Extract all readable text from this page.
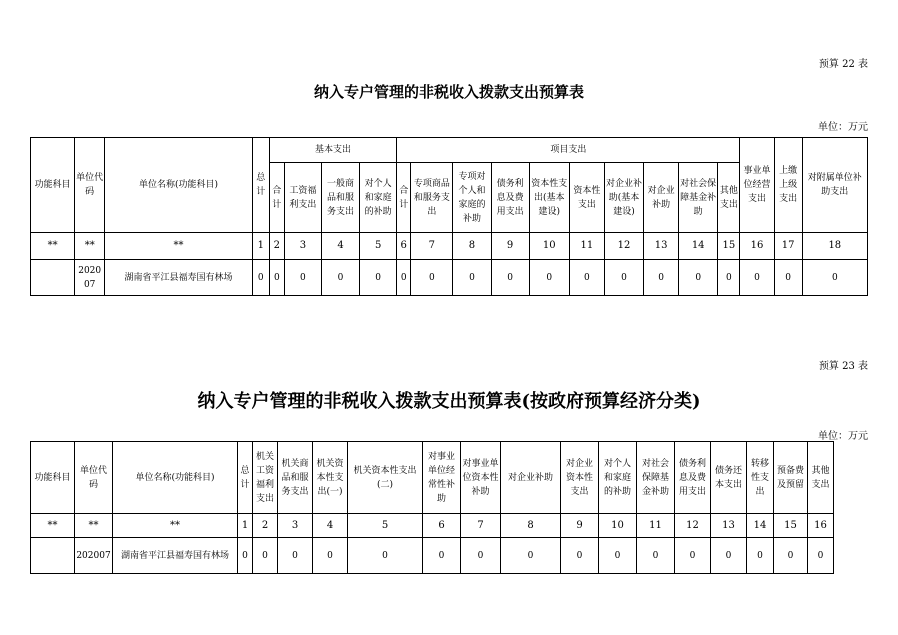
预算 22 表
纳入专户管理的非税收入拨款支出预算表
单位：万元
功能科目	单位代码	单位名称(功能科目)	总计	基本支出				项目支出										事业单位经营支出	上缴上级支出	对附属单位补助支出
				合计	工资福利支出	一般商品和服务支出	对个人和家庭的补助	合计	专项商品和服务支出	专项对个人和家庭的补助	债务利息及费用支出	资本性支出(基本建设)	资本性支出	对企业补助(基本建设)	对企业补助	对社会保障基金补助	其他支出			
**	**	**	1	2	3	4	5	6	7	8	9	10	11	12	13	14	15	16	17	18
	202007	湖南省平江县福寿国有林场	0	0	0	0	0	0	0	0	0	0	0	0	0	0	0	0	0	0
预算 23 表
纳入专户管理的非税收入拨款支出预算表(按政府预算经济分类)
单位：万元
功能科目	单位代码	单位名称(功能科目)	总计	机关工资福利支出	机关商品和服务支出	机关资本性支出(一)	机关资本性支出(二)	对事业单位经常性补助	对事业单位资本性补助	对企业补助	对企业资本性支出	对个人和家庭的补助	对社会保障基金补助	债务利息及费用支出	债务还本支出	转移性支出	预备费及预留	其他支出
**	**	**	1	2	3	4	5	6	7	8	9	10	11	12	13	14	15	16
	202007	湖南省平江县福寿国有林场	0	0	0	0	0	0	0	0	0	0	0	0	0	0	0	0
